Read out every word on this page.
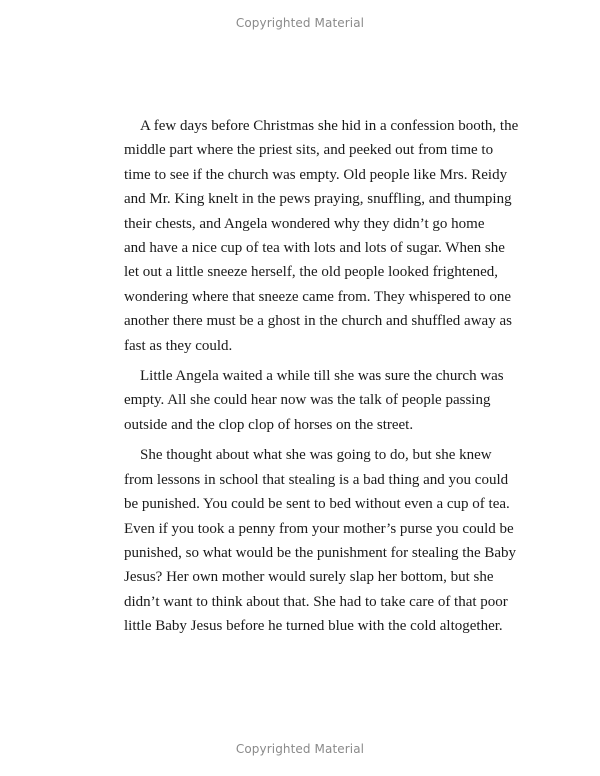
Copyrighted Material

A few days before Christmas she hid in a confession booth, the
middle part where the priest sits, and peeked out from time to
time to see if the church was empty. Old people like Mrs. Reidy
and Mr. King knelt in the pews praying, snuffling, and thumping
their chests, and Angela wondered why they didn’t go home
and have a nice cup of tea with lots and lots of sugar. When she
let out a little sneeze herself, the old people looked frightened,
wondering where that sneeze came from. They whispered to one
another there must be a ghost in the church and shuffled away as
fast as they could.

Little Angela waited a while till she was sure the church was
empty. All she could hear now was the talk of people passing
outside and the clop clop of horses on the street.

She thought about what she was going to do, but she knew
from lessons in school that stealing is a bad thing and you could
be punished. You could be sent to bed without even a cup of tea.
Even if you took a penny from your mother’s purse you could be
punished, so what would be the punishment for stealing the Baby
Jesus? Her own mother would surely slap her bottom, but she
didn’t want to think about that. She had to take care of that poor
little Baby Jesus before he turned blue with the cold altogether.

Copyrighted Material
